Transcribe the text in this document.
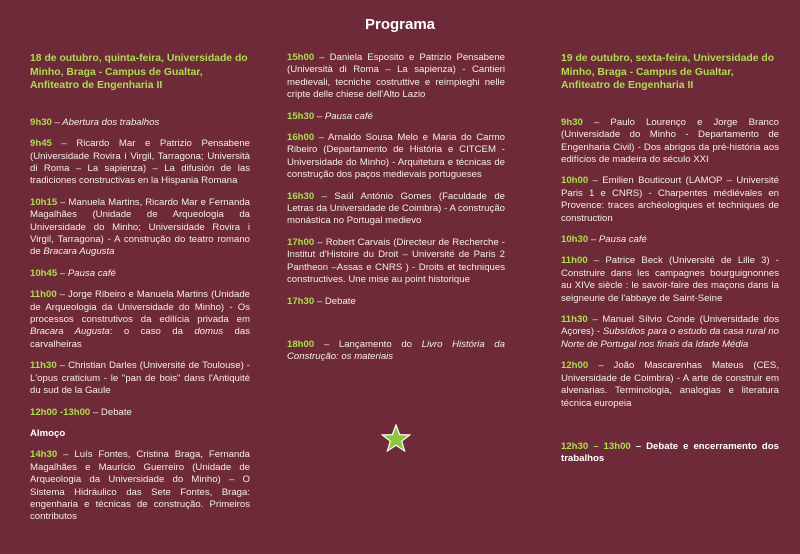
Programa
18 de outubro, quinta-feira, Universidade do Minho, Braga - Campus de Gualtar, Anfiteatro de Engenharia II
9h30 – Abertura dos trabalhos
9h45 – Ricardo Mar e Patrizio Pensabene (Universidade Rovira i Virgil, Tarragona; Università di Roma – La sapienza) – La difusión de las tradiciones constructivas en la Hispania Romana
10h15 – Manuela Martins, Ricardo Mar e Fernanda Magalhães (Unidade de Arqueologia da Universidade do Minho; Universidade Rovira i Virgil, Tarragona) - A construção do teatro romano de Bracara Augusta
10h45 – Pausa café
11h00 – Jorge Ribeiro e Manuela Martins (Unidade de Arqueologia da Universidade do Minho) - Os processos construtivos da edilícia privada em Bracara Augusta: o caso da domus das carvalheiras
11h30 – Christian Darles (Université de Toulouse) - L'opus craticium - le "pan de bois" dans l'Antiquité du sud de la Gaule
12h00 -13h00 – Debate
Almoço
14h30 – Luís Fontes, Cristina Braga, Fernanda Magalhães e Maurício Guerreiro (Unidade de Arqueologia da Universidade do Minho) – O Sistema Hidráulico das Sete Fontes, Braga: engenharia e técnicas de construção. Primeiros contributos
15h00 – Daniela Esposito e Patrizio Pensabene (Università di Roma – La sapienza) - Cantieri medievali, tecniche costruttive e reimpieghi nelle cripte delle chiese dell'Alto Lazio
15h30 – Pausa café
16h00 – Arnaldo Sousa Melo e Maria do Carmo Ribeiro (Departamento de História e CITCEM - Universidade do Minho) - Arquitetura e técnicas de construção dos paços medievais portugueses
16h30 – Saúl António Gomes (Faculdade de Letras da Universidade de Coimbra) - A construção monástica no Portugal medievo
17h00 – Robert Carvais (Directeur de Recherche - Institut d'Histoire du Droit – Université de Paris 2 Pantheon –Assas e CNRS ) - Droits et techniques constructives. Une mise au point historique
17h30 – Debate
18h00 – Lançamento do Livro História da Construção: os materiais
19 de outubro, sexta-feira, Universidade do Minho, Braga - Campus de Gualtar, Anfiteatro de Engenharia II
9h30 – Paulo Lourenço e Jorge Branco (Universidade do Minho - Departamento de Engenharia Civil) - Dos abrigos da pré-história aos edifícios de madeira do século XXI
10h00 – Emilien Bouticourt (LAMOP – Université Paris 1 e CNRS) - Charpentes médiévales en Provence: traces archéologiques et techniques de construction
10h30 – Pausa café
11h00 – Patrice Beck (Université de Lille 3) - Construire dans les campagnes bourguignonnes au XIVe siècle : le savoir-faire des maçons dans la seigneurie de l'abbaye de Saint-Seine
11h30 – Manuel Sílvio Conde (Universidade dos Açores) - Subsídios para o estudo da casa rural no Norte de Portugal nos finais da Idade Média
12h00 – João Mascarenhas Mateus (CES, Universidade de Coimbra) - A arte de construir em alvenarias. Terminologia, analogias e literatura técnica europeia
12h30 – 13h00 – Debate e encerramento dos trabalhos
